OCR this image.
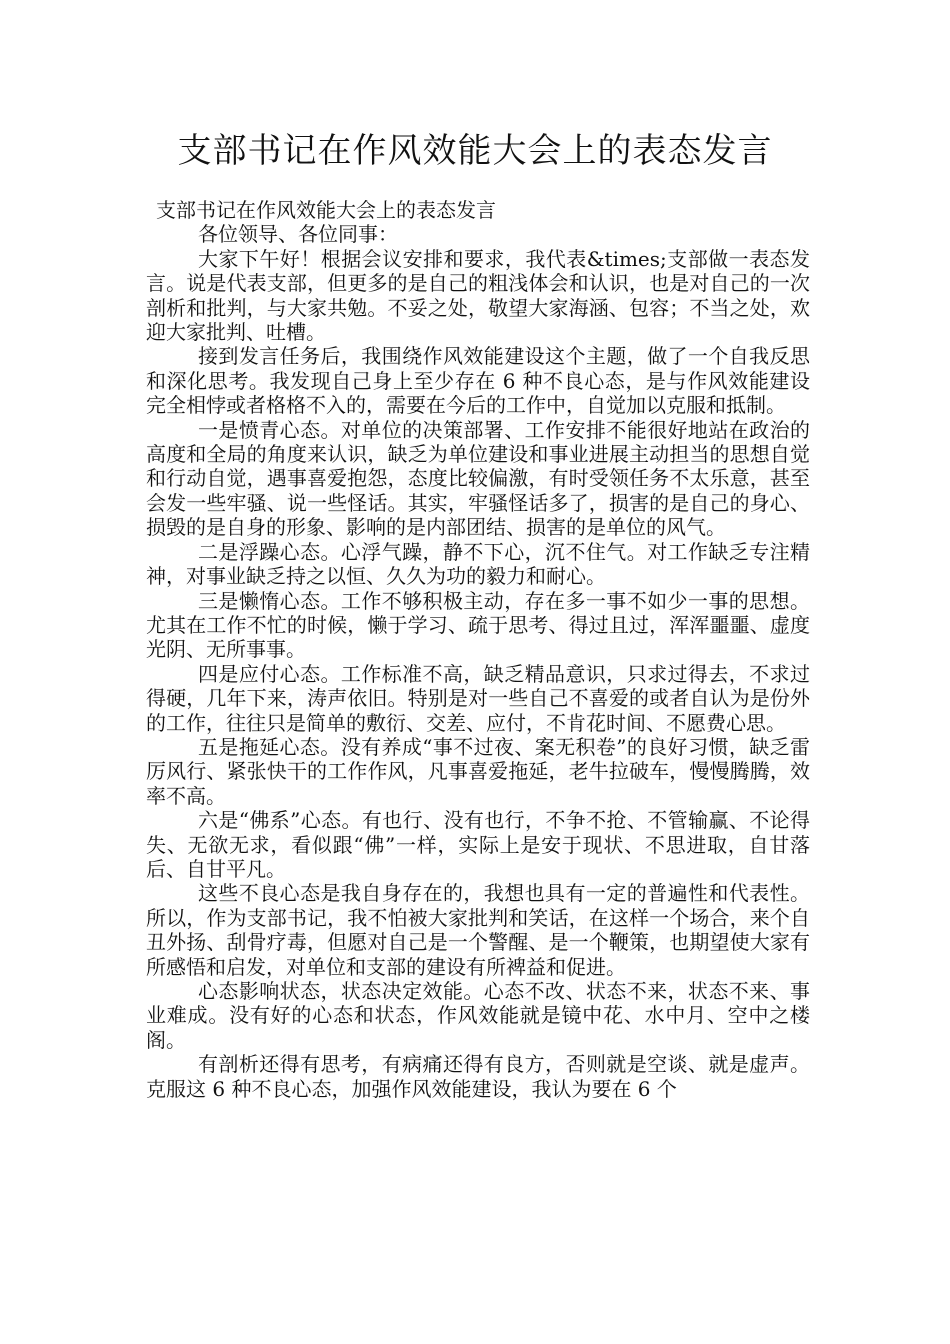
支部书记在作风效能大会上的表态发言

支部书记在作风效能大会上的表态发言

各位领导、各位同事：

大家下午好！根据会议安排和要求，我代表&times;支部做一表态发言。说是代表支部，但更多的是自己的粗浅体会和认识，也是对自己的一次剖析和批判，与大家共勉。不妥之处，敬望大家海涵、包容；不当之处，欢迎大家批判、吐槽。

接到发言任务后，我围绕作风效能建设这个主题，做了一个自我反思和深化思考。我发现自己身上至少存在 6 种不良心态，是与作风效能建设完全相悖或者格格不入的，需要在今后的工作中，自觉加以克服和抵制。

一是愤青心态。对单位的决策部署、工作安排不能很好地站在政治的高度和全局的角度来认识，缺乏为单位建设和事业进展主动担当的思想自觉和行动自觉，遇事喜爱抱怨，态度比较偏激，有时受领任务不太乐意，甚至会发一些牢骚、说一些怪话。其实，牢骚怪话多了，损害的是自己的身心、损毁的是自身的形象、影响的是内部团结、损害的是单位的风气。

二是浮躁心态。心浮气躁，静不下心，沉不住气。对工作缺乏专注精神，对事业缺乏持之以恒、久久为功的毅力和耐心。

三是懒惰心态。工作不够积极主动，存在多一事不如少一事的思想。尤其在工作不忙的时候，懒于学习、疏于思考、得过且过，浑浑噩噩、虚度光阴、无所事事。

四是应付心态。工作标准不高，缺乏精品意识，只求过得去，不求过得硬，几年下来，涛声依旧。特别是对一些自己不喜爱的或者自认为是份外的工作，往往只是简单的敷衍、交差、应付，不肯花时间、不愿费心思。

五是拖延心态。没有养成“事不过夜、案无积卷”的良好习惯，缺乏雷厉风行、紧张快干的工作作风，凡事喜爱拖延，老牛拉破车，慢慢腾腾，效率不高。

六是“佛系”心态。有也行、没有也行，不争不抢、不管输赢、不论得失、无欲无求，看似跟“佛”一样，实际上是安于现状、不思进取，自甘落后、自甘平凡。

这些不良心态是我自身存在的，我想也具有一定的普遍性和代表性。所以，作为支部书记，我不怕被大家批判和笑话，在这样一个场合，来个自丑外扬、刮骨疗毒，但愿对自己是一个警醒、是一个鞭策，也期望使大家有所感悟和启发，对单位和支部的建设有所裨益和促进。

心态影响状态，状态决定效能。心态不改、状态不来，状态不来、事业难成。没有好的心态和状态，作风效能就是镜中花、水中月、空中之楼阁。

有剖析还得有思考，有病痛还得有良方，否则就是空谈、就是虚声。克服这 6 种不良心态，加强作风效能建设，我认为要在 6 个
